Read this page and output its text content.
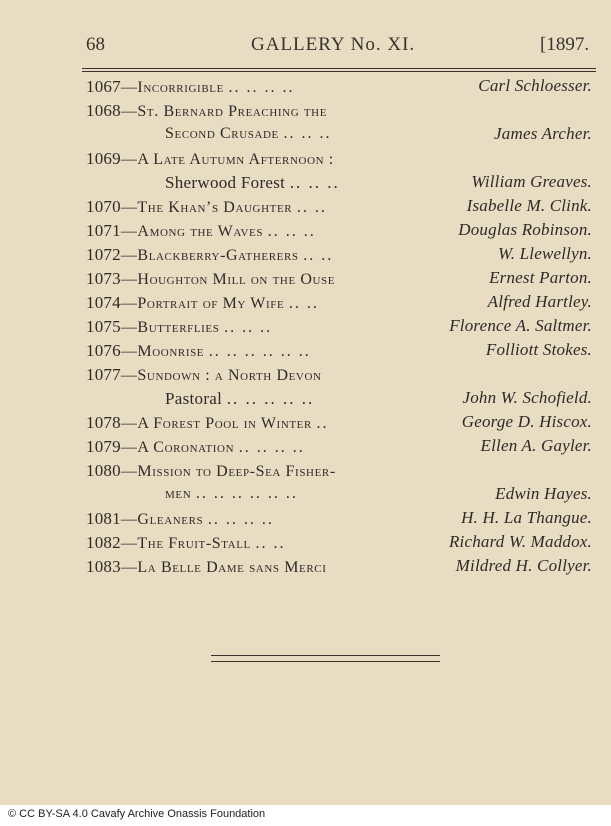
68	GALLERY No. XI.	[1897.
1067—Incorrigible .. .. .. ..	Carl Schloesser.
1068—St. Bernard Preaching the
Second Crusade .. .. ..	James Archer.
1069—A Late Autumn Afternoon :
Sherwood Forest .. .. ..	William Greaves.
1070—The Khan’s Daughter .. ..	Isabelle M. Clink.
1071—Among the Waves .. .. ..	Douglas Robinson.
1072—Blackberry-Gatherers .. ..	W. Llewellyn.
1073—Houghton Mill on the Ouse	Ernest Parton.
1074—Portrait of My Wife .. ..	Alfred Hartley.
1075—Butterflies .. .. ..	Florence A. Saltmer.
1076—Moonrise .. .. .. .. .. ..	Folliott Stokes.
1077—Sundown : a North Devon
Pastoral .. .. .. .. ..	John W. Schofield.
1078—A Forest Pool in Winter ..	George D. Hiscox.
1079—A Coronation .. .. .. ..	Ellen A. Gayler.
1080—Mission to Deep-Sea Fisher-
men .. .. .. .. .. ..	Edwin Hayes.
1081—Gleaners .. .. .. ..	H. H. La Thangue.
1082—The Fruit-Stall .. ..	Richard W. Maddox.
1083—La Belle Dame sans Merci	Mildred H. Collyer.
© CC BY-SA 4.0 Cavafy Archive Onassis Foundation
